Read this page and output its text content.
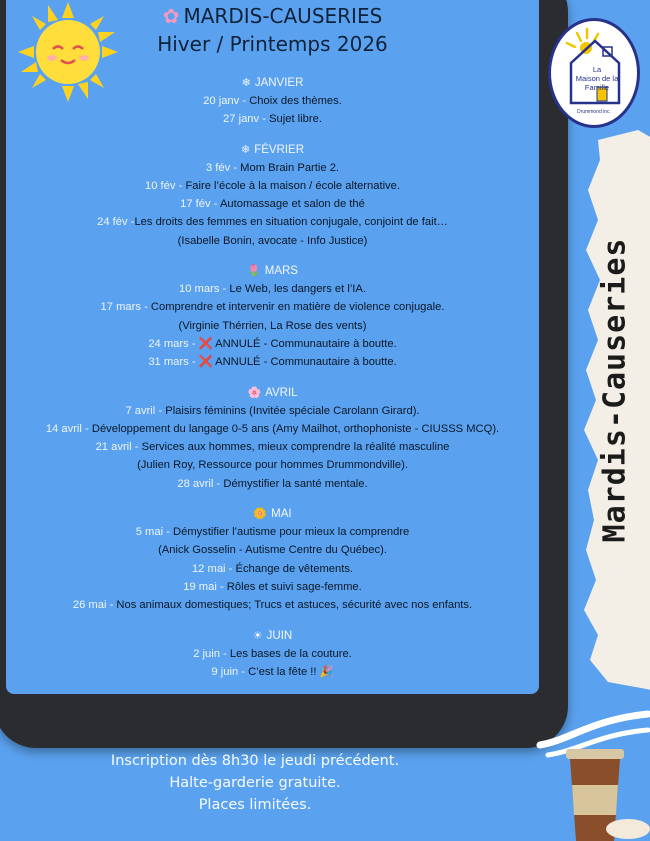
✿ MARDIS-CAUSERIES
Hiver / Printemps 2026
❄ JANVIER
20 janv - Choix des thèmes.
27 janv - Sujet libre.
❄ FÉVRIER
3 fév - Mom Brain Partie 2.
10 fév - Faire l’école à la maison / école alternative.
17 fév - Automassage et salon de thé
24 fév -Les droits des femmes en situation conjugale, conjoint de fait…
(Isabelle Bonin, avocate - Info Justice)
🌷 MARS
10 mars - Le Web, les dangers et l’IA.
17 mars - Comprendre et intervenir en matière de violence conjugale.
(Virginie Thérrien, La Rose des vents)
24 mars - ❌ ANNULÉ - Communautaire à boutte.
31 mars - ❌ ANNULÉ - Communautaire à boutte.
🌸 AVRIL
7 avril - Plaisirs féminins (Invitée spéciale Carolann Girard).
14 avril - Développement du langage 0-5 ans (Amy Mailhot, orthophoniste - CIUSSS MCQ).
21 avril - Services aux hommes, mieux comprendre la réalité masculine
(Julien Roy, Ressource pour hommes Drummondville).
28 avril - Démystifier la santé mentale.
🌼 MAI
5 mai - Démystifier l’autisme pour mieux la comprendre
(Anick Gosselin - Autisme Centre du Québec).
12 mai - Échange de vêtements.
19 mai - Rôles et suivi sage-femme.
26 mai - Nos animaux domestiques; Trucs et astuces, sécurité avec nos enfants.
☀ JUIN
2 juin - Les bases de la couture.
9 juin - C’est la fête !! 🎉
Inscription dès 8h30 le jeudi précédent.
Halte-garderie gratuite.
Places limitées.
La
Maison de la
Famille
Drummond inc.
Mardis-Causeries
